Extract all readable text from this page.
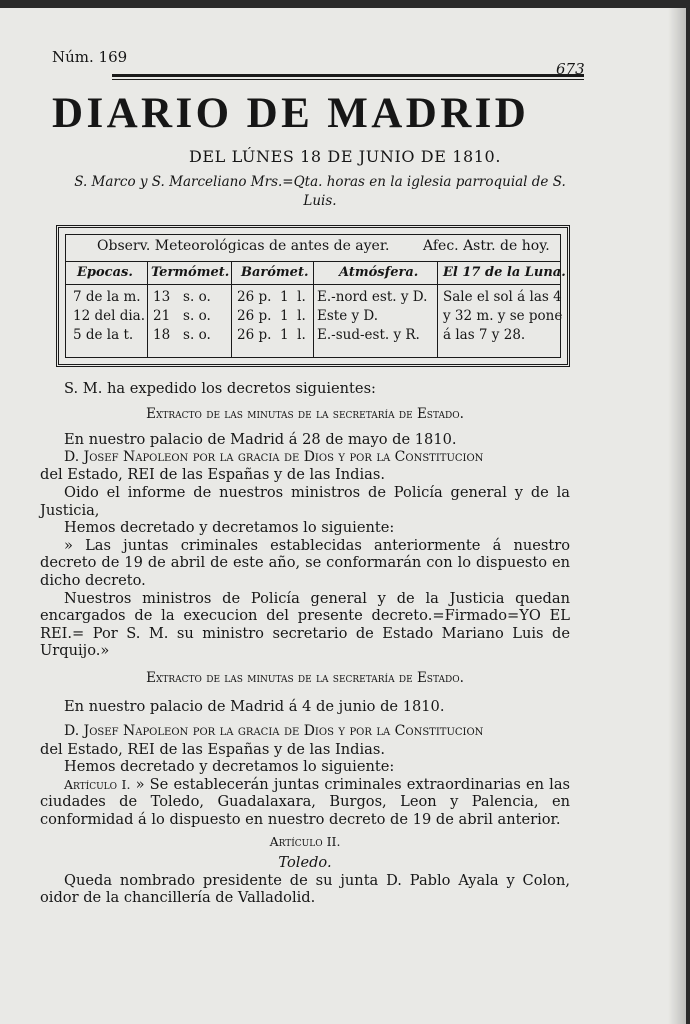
Núm. 169
673
DIARIO DE MADRID
DEL LÚNES 18 DE JUNIO DE 1810.
S. Marco y S. Marceliano Mrs.=Qta. horas en la iglesia parroquial de S. Luis.
Observ. Meteorológicas de antes de ayer. Afec. Astr. de hoy.
Epocas. Termómet. Barómet. Atmósfera. El 17 de la Luna.
7 de la m.
12 del dia.
5 de la t.
13   s. o.
21   s. o.
18   s. o.
26 p.  1  l.
26 p.  1  l.
26 p.  1  l.
E.-nord est. y D.
Este y D.
E.-sud-est. y R.
Sale el sol á las 4
y 32 m. y se pone
á las 7 y 28.

S. M. ha expedido los decretos siguientes:

Extracto de las minutas de la secretaría de Estado.

En nuestro palacio de Madrid á 28 de mayo de 1810.

D. Josef Napoleon por la gracia de Dios y por la Constitucion

del Estado, REI de las Españas y de las Indias.

Oido el informe de nuestros ministros de Policía general y de la Justicia,

Hemos decretado y decretamos lo siguiente:

» Las juntas criminales establecidas anteriormente á nuestro decreto de 19 de abril de este año, se conformarán con lo dispuesto en dicho decreto.

Nuestros ministros de Policía general y de la Justicia quedan encargados de la execucion del presente decreto.=Firmado=YO EL REI.= Por S. M. su ministro secretario de Estado Mariano Luis de Urquijo.»

Extracto de las minutas de la secretaría de Estado.

En nuestro palacio de Madrid á 4 de junio de 1810.

D. Josef Napoleon por la gracia de Dios y por la Constitucion

del Estado, REI de las Españas y de las Indias.

Hemos decretado y decretamos lo siguiente:

Artículo I. » Se establecerán juntas criminales extraordinarias en las ciudades de Toledo, Guadalaxara, Burgos, Leon y Palencia, en conformidad á lo dispuesto en nuestro decreto de 19 de abril anterior.

Artículo II.

Toledo.

Queda nombrado presidente de su junta D. Pablo Ayala y Colon, oidor de la chancillería de Valladolid.
